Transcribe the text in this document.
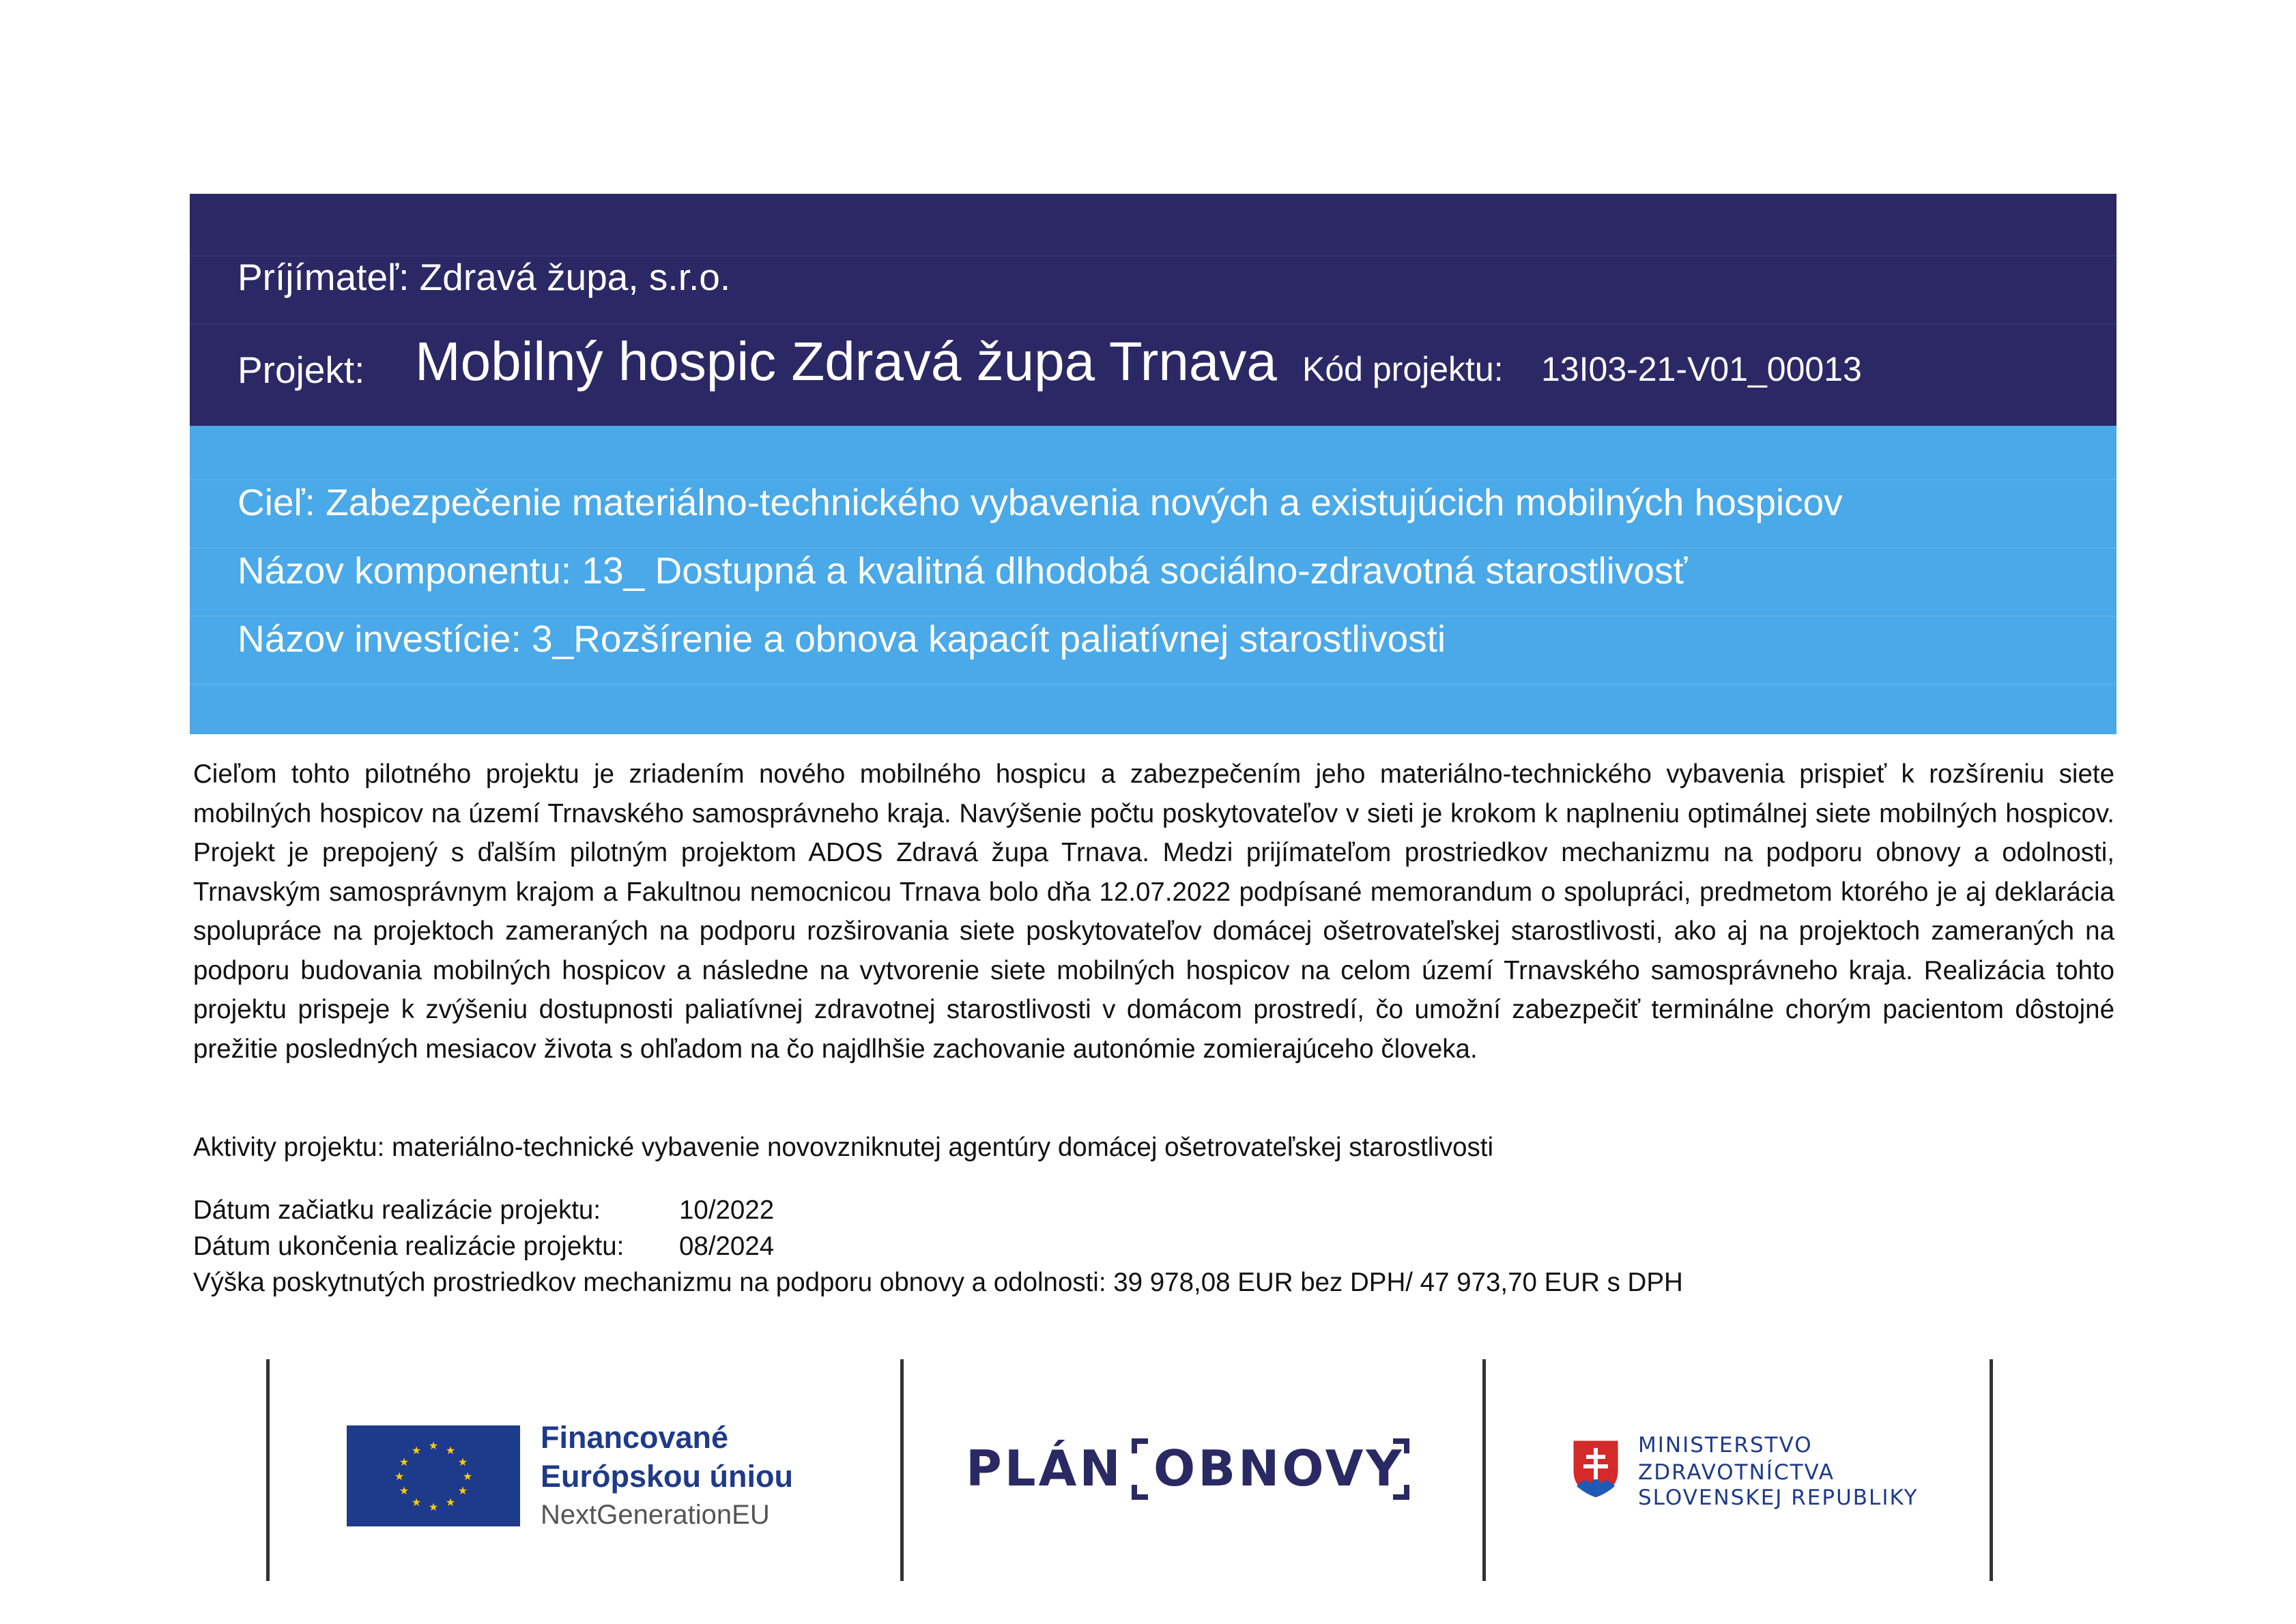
Príjímateľ: Zdravá župa, s.r.o.
Projekt: Mobilný hospic Zdravá župa Trnava Kód projektu: 13I03-21-V01_00013
Cieľ: Zabezpečenie materiálno-technického vybavenia nových a existujúcich mobilných hospicov
Názov komponentu: 13_ Dostupná a kvalitná dlhodobá sociálno-zdravotná starostlivosť
Názov investície: 3_Rozšírenie a obnova kapacít paliatívnej starostlivosti
Cieľom tohto pilotného projektu je zriadením nového mobilného hospicu a zabezpečením jeho materiálno-technického vybavenia prispieť k rozšíreniu siete mobilných hospicov na území Trnavského samosprávneho kraja. Navýšenie počtu poskytovateľov v sieti je krokom k naplneniu optimálnej siete mobilných hospicov. Projekt je prepojený s ďalším pilotným projektom ADOS Zdravá župa Trnava. Medzi prijímateľom prostriedkov mechanizmu na podporu obnovy a odolnosti, Trnavským samosprávnym krajom a Fakultnou nemocnicou Trnava bolo dňa 12.07.2022 podpísané memorandum o spolupráci, predmetom ktorého je aj deklarácia spolupráce na projektoch zameraných na podporu rozširovania siete poskytovateľov domácej ošetrovateľskej starostlivosti, ako aj na projektoch zameraných na podporu budovania mobilných hospicov a následne na vytvorenie siete mobilných hospicov na celom území Trnavského samosprávneho kraja. Realizácia tohto projektu prispeje k zvýšeniu dostupnosti paliatívnej zdravotnej starostlivosti v domácom prostredí, čo umožní zabezpečiť terminálne chorým pacientom dôstojné prežitie posledných mesiacov života s ohľadom na čo najdlhšie zachovanie autonómie zomierajúceho človeka.
Aktivity projektu: materiálno-technické vybavenie novovzniknutej agentúry domácej ošetrovateľskej starostlivosti
Dátum začiatku realizácie projektu:	10/2022
Dátum ukončenia realizácie projektu: 08/2024
Výška poskytnutých prostriedkov mechanizmu na podporu obnovy a odolnosti: 39 978,08 EUR bez DPH/ 47 973,70 EUR s DPH
★ ★
★
★
★
★
★
★
★
★
★
★	Financované
Európskou úniou
NextGenerationEU
PLÁN OBNOVY	MINISTERSTVO
ZDRAVOTNÍCTVA
SLOVENSKEJ REPUBLIKY
